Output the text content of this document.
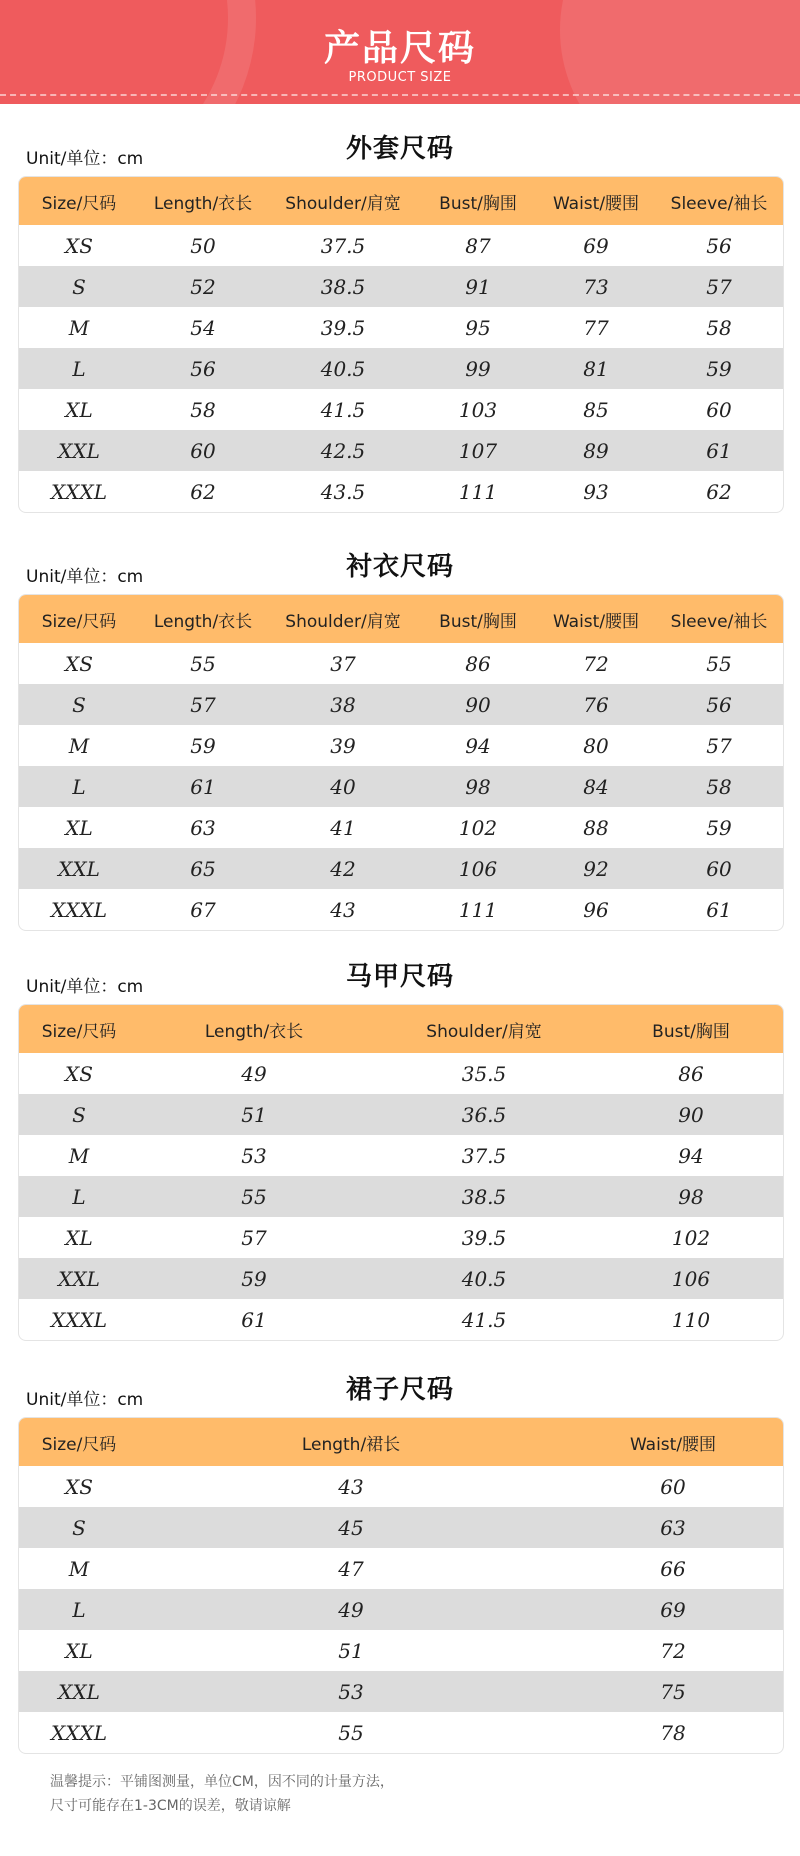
产品尺码
PRODUCT SIZE
Unit/单位：cm	外套尺码
Size/尺码	Length/衣长	Shoulder/肩宽	Bust/胸围	Waist/腰围	Sleeve/袖长
XS	50	37.5	87	69	56
S	52	38.5	91	73	57
M	54	39.5	95	77	58
L	56	40.5	99	81	59
XL	58	41.5	103	85	60
XXL	60	42.5	107	89	61
XXXL	62	43.5	111	93	62
Unit/单位：cm	衬衣尺码
Size/尺码	Length/衣长	Shoulder/肩宽	Bust/胸围	Waist/腰围	Sleeve/袖长
XS	55	37	86	72	55
S	57	38	90	76	56
M	59	39	94	80	57
L	61	40	98	84	58
XL	63	41	102	88	59
XXL	65	42	106	92	60
XXXL	67	43	111	96	61
Unit/单位：cm	马甲尺码
Size/尺码	Length/衣长	Shoulder/肩宽	Bust/胸围
XS	49	35.5	86
S	51	36.5	90
M	53	37.5	94
L	55	38.5	98
XL	57	39.5	102
XXL	59	40.5	106
XXXL	61	41.5	110
Unit/单位：cm	裙子尺码
Size/尺码	Length/裙长	Waist/腰围
XS	43	60
S	45	63
M	47	66
L	49	69
XL	51	72
XXL	53	75
XXXL	55	78
温馨提示：平铺图测量，单位CM，因不同的计量方法，
尺寸可能存在1-3CM的误差，敬请谅解
